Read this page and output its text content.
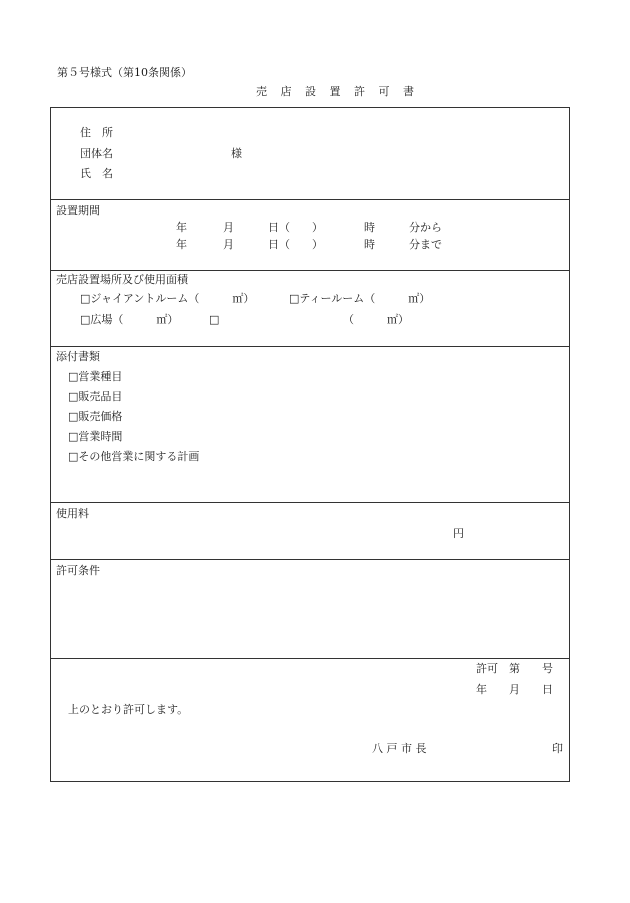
第５号様式（第10条関係）
売 店 設 置 許 可 書
住　所
団体名	様
氏　名
設置期間
年	月	日（　　）	時	分から
年	月	日（　　）	時	分まで
売店設置場所及び使用面積
□ジャイアントルーム（　　　㎡）	□ティールーム（　　　㎡）
□広場（　　　㎡）	□	（　　　㎡）
添付書類
□営業種目
□販売品目
□販売価格
□営業時間
□その他営業に関する計画
使用料
円
許可条件
許可　第　　号
年　　月　　日
上のとおり許可します。
八 戸 市 長	印
